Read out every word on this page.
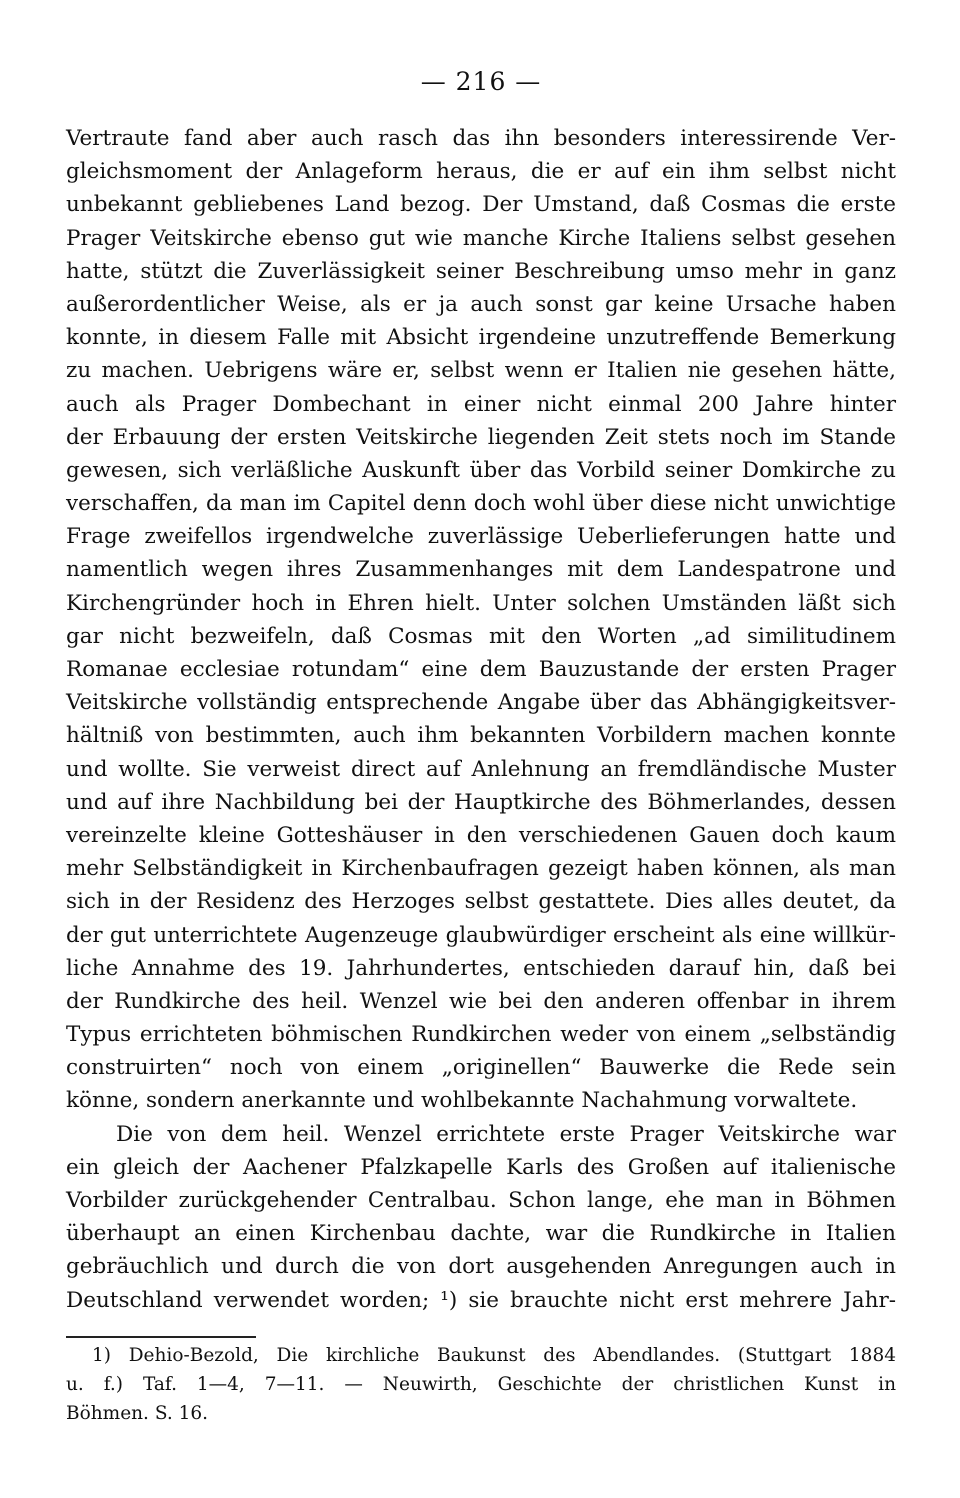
— 216 —
Vertraute fand aber auch rasch das ihn besonders interessirende Ver-
gleichsmoment der Anlageform heraus, die er auf ein ihm selbst nicht
unbekannt gebliebenes Land bezog. Der Umstand, daß Cosmas die erste
Prager Veitskirche ebenso gut wie manche Kirche Italiens selbst gesehen
hatte, stützt die Zuverlässigkeit seiner Beschreibung umso mehr in ganz
außerordentlicher Weise, als er ja auch sonst gar keine Ursache haben
konnte, in diesem Falle mit Absicht irgendeine unzutreffende Bemerkung
zu machen. Uebrigens wäre er, selbst wenn er Italien nie gesehen hätte,
auch als Prager Dombechant in einer nicht einmal 200 Jahre hinter
der Erbauung der ersten Veitskirche liegenden Zeit stets noch im Stande
gewesen, sich verläßliche Auskunft über das Vorbild seiner Domkirche zu
verschaffen, da man im Capitel denn doch wohl über diese nicht unwichtige
Frage zweifellos irgendwelche zuverlässige Ueberlieferungen hatte und
namentlich wegen ihres Zusammenhanges mit dem Landespatrone und
Kirchengründer hoch in Ehren hielt. Unter solchen Umständen läßt sich
gar nicht bezweifeln, daß Cosmas mit den Worten „ad similitudinem
Romanae ecclesiae rotundam“ eine dem Bauzustande der ersten Prager
Veitskirche vollständig entsprechende Angabe über das Abhängigkeitsver-
hältniß von bestimmten, auch ihm bekannten Vorbildern machen konnte
und wollte. Sie verweist direct auf Anlehnung an fremdländische Muster
und auf ihre Nachbildung bei der Hauptkirche des Böhmerlandes, dessen
vereinzelte kleine Gotteshäuser in den verschiedenen Gauen doch kaum
mehr Selbständigkeit in Kirchenbaufragen gezeigt haben können, als man
sich in der Residenz des Herzoges selbst gestattete. Dies alles deutet, da
der gut unterrichtete Augenzeuge glaubwürdiger erscheint als eine willkür-
liche Annahme des 19. Jahrhundertes, entschieden darauf hin, daß bei
der Rundkirche des heil. Wenzel wie bei den anderen offenbar in ihrem
Typus errichteten böhmischen Rundkirchen weder von einem „selbständig
construirten“ noch von einem „originellen“ Bauwerke die Rede sein
könne, sondern anerkannte und wohlbekannte Nachahmung vorwaltete.
Die von dem heil. Wenzel errichtete erste Prager Veitskirche war
ein gleich der Aachener Pfalzkapelle Karls des Großen auf italienische
Vorbilder zurückgehender Centralbau. Schon lange, ehe man in Böhmen
überhaupt an einen Kirchenbau dachte, war die Rundkirche in Italien
gebräuchlich und durch die von dort ausgehenden Anregungen auch in
Deutschland verwendet worden; ¹) sie brauchte nicht erst mehrere Jahr-
1) Dehio-Bezold, Die kirchliche Baukunst des Abendlandes. (Stuttgart 1884
u. f.) Taf. 1—4, 7—11. — Neuwirth, Geschichte der christlichen Kunst in
Böhmen. S. 16.
